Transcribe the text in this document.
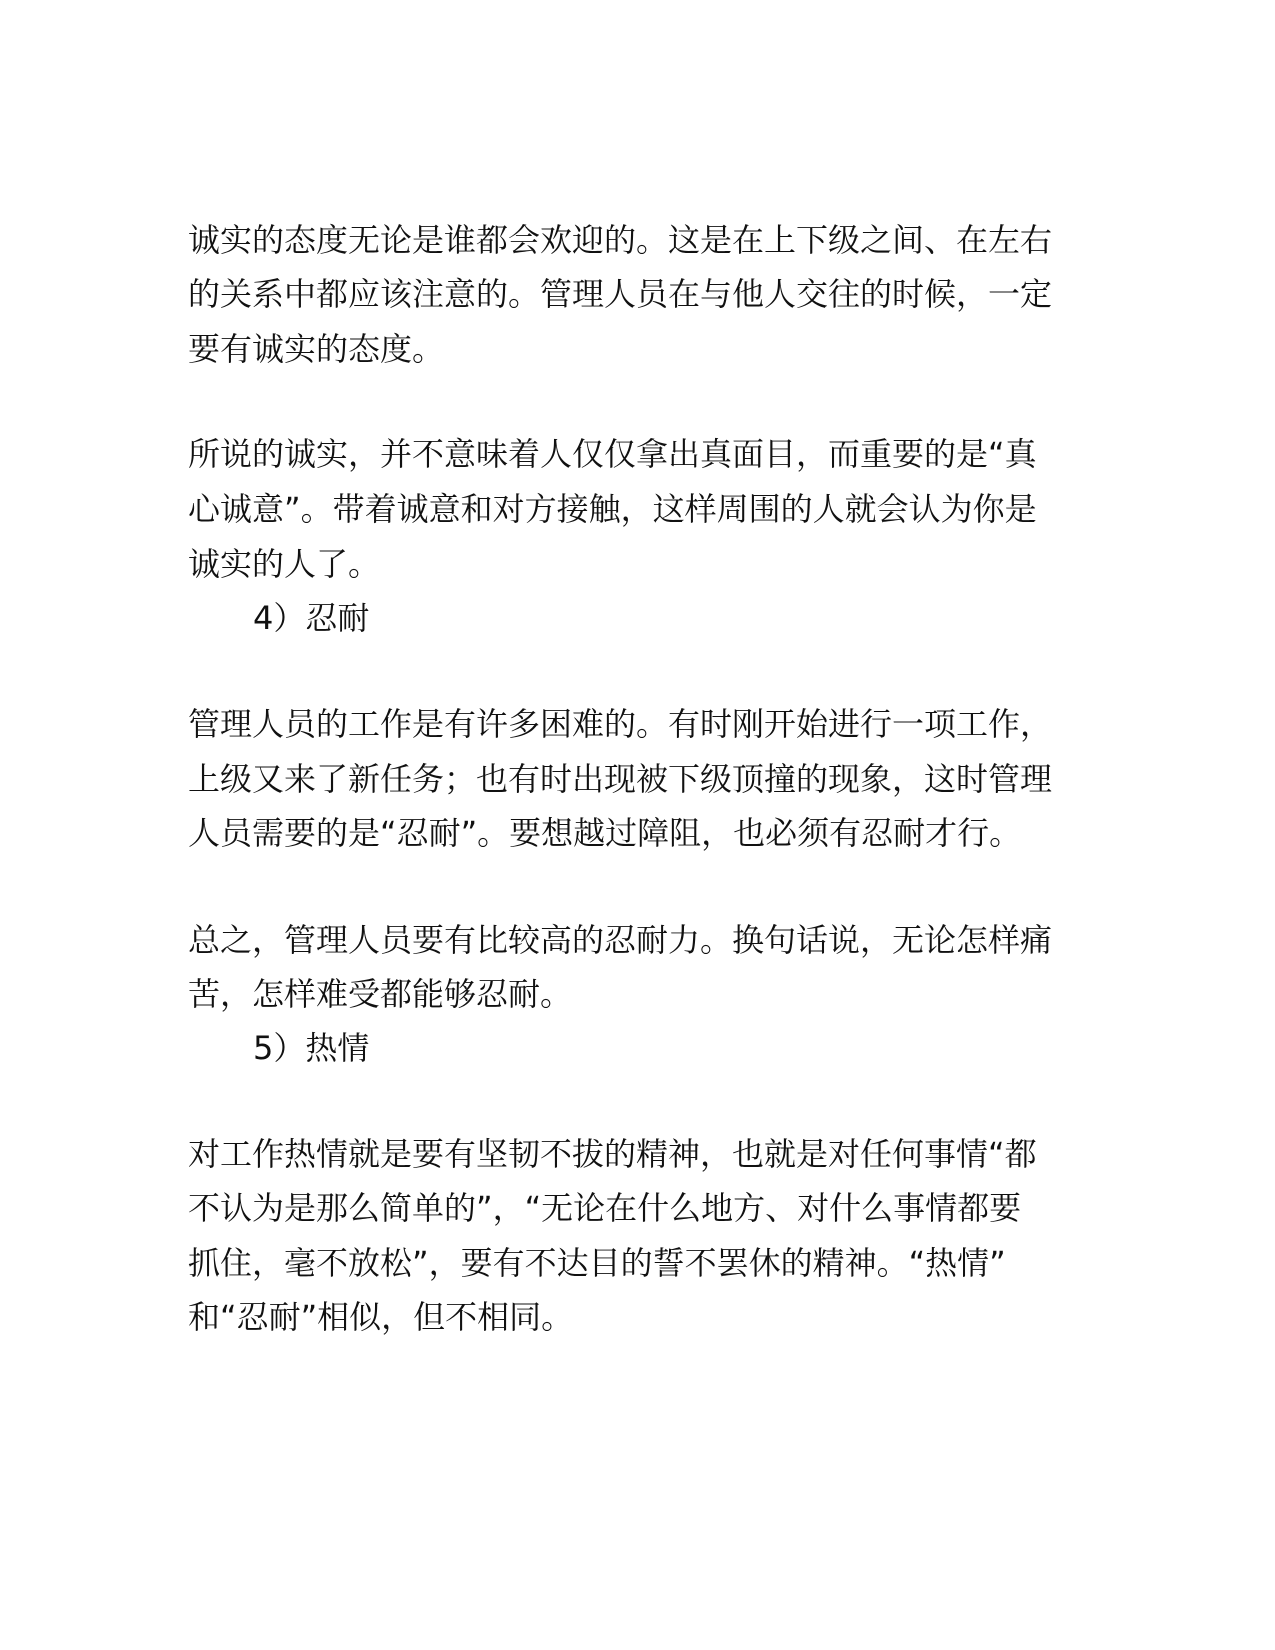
诚实的态度无论是谁都会欢迎的。这是在上下级之间、在左右
的关系中都应该注意的。管理人员在与他人交往的时候，一定
要有诚实的态度。
所说的诚实，并不意味着人仅仅拿出真面目，而重要的是“真
心诚意”。带着诚意和对方接触，这样周围的人就会认为你是
诚实的人了。
4）忍耐
管理人员的工作是有许多困难的。有时刚开始进行一项工作，
上级又来了新任务；也有时出现被下级顶撞的现象，这时管理
人员需要的是“忍耐”。要想越过障阻，也必须有忍耐才行。
总之，管理人员要有比较高的忍耐力。换句话说，无论怎样痛
苦，怎样难受都能够忍耐。
5）热情
对工作热情就是要有坚韧不拔的精神，也就是对任何事情“都
不认为是那么简单的”，“无论在什么地方、对什么事情都要
抓住，毫不放松”，要有不达目的誓不罢休的精神。“热情”
和“忍耐”相似，但不相同。
